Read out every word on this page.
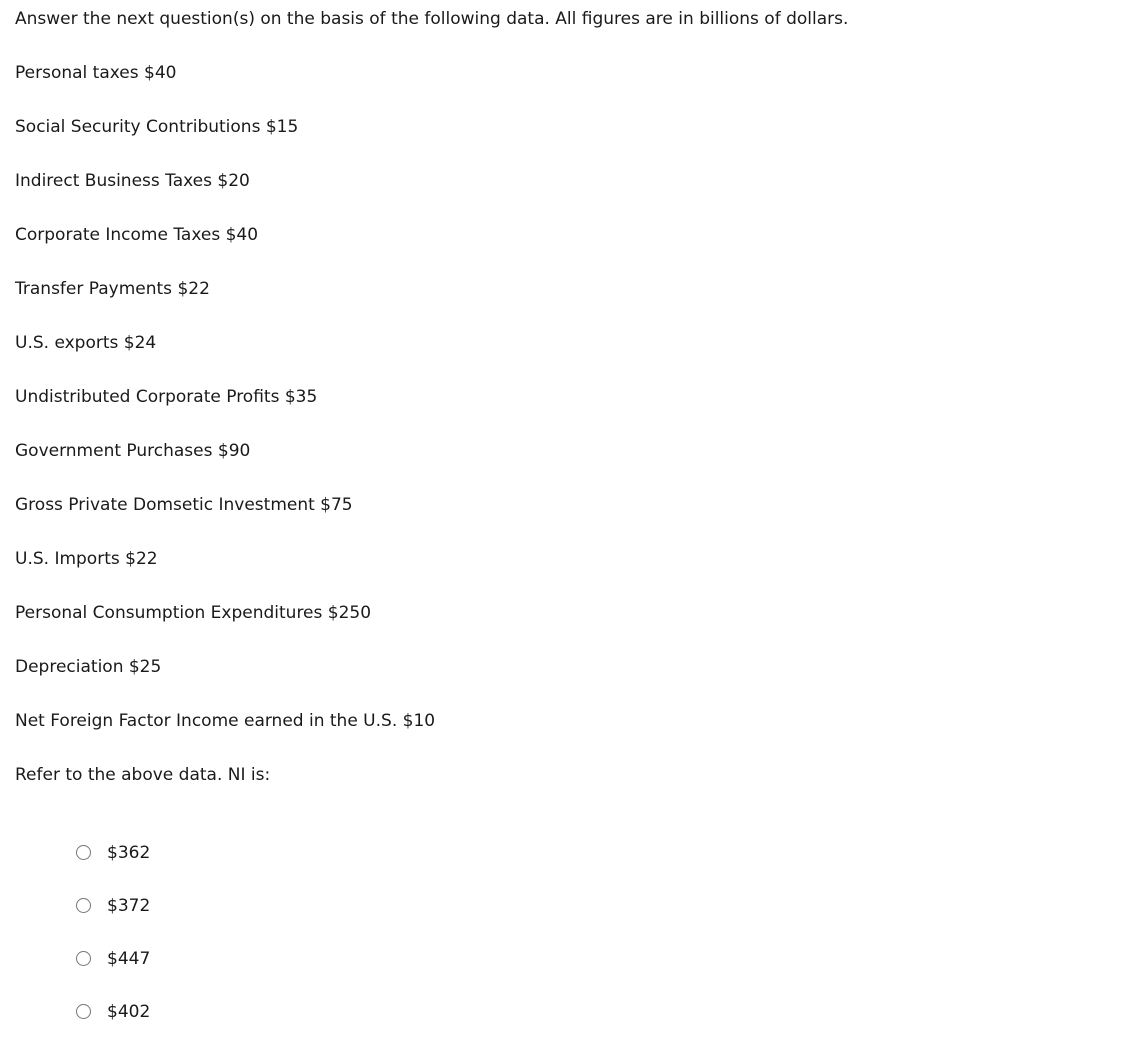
Answer the next question(s) on the basis of the following data. All figures are in billions of dollars.
Personal taxes $40
Social Security Contributions $15
Indirect Business Taxes $20
Corporate Income Taxes $40
Transfer Payments $22
U.S. exports $24
Undistributed Corporate Profits $35
Government Purchases $90
Gross Private Domsetic Investment $75
U.S. Imports $22
Personal Consumption Expenditures $250
Depreciation $25
Net Foreign Factor Income earned in the U.S. $10
Refer to the above data. NI is:
$362
$372
$447
$402
